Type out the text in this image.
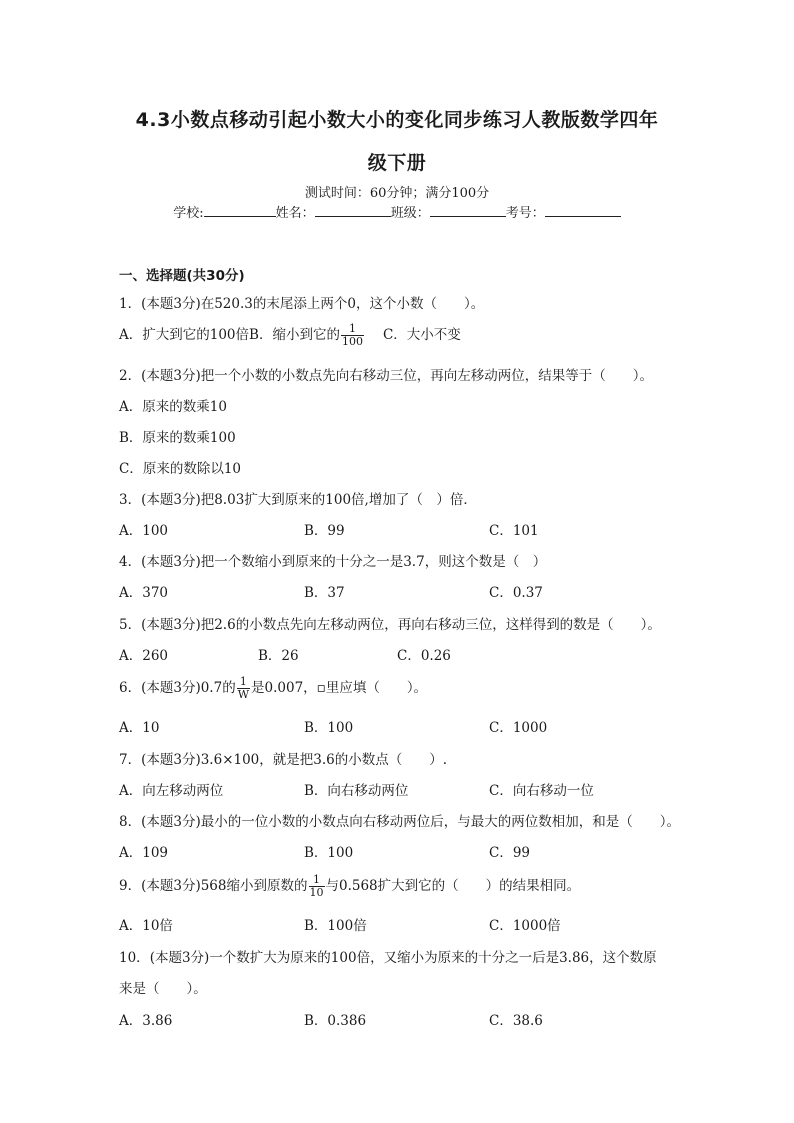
4.3小数点移动引起小数大小的变化同步练习人教版数学四年
级下册
测试时间：60分钟；满分100分
学校:	姓名：	班级：	考号：
一、选择题(共30分)
1．(本题3分)在520.3的末尾添上两个0，这个小数（　　）。
A．扩大到它的100倍B．缩小到它的 $\frac{1}{100}$ C．大小不变
2．(本题3分)把一个小数的小数点先向右移动三位，再向左移动两位，结果等于（　　）。
A．原来的数乘10
B．原来的数乘100
C．原来的数除以10
3．(本题3分)把8.03扩大到原来的100倍,增加了（　）倍．
A．100	B．99	C．101
4．(本题3分)把一个数缩小到原来的十分之一是3.7，则这个数是（　）
A．370	B．37	C．0.37
5．(本题3分)把2.6的小数点先向左移动两位，再向右移动三位，这样得到的数是（　　）。
A．260	B．26	C．0.26
6．(本题3分)0.7的 $\frac{1}{W}$ 是0.007，▫里应填（　　）。
A．10	B．100	C．1000
7．(本题3分)3.6×100，就是把3.6的小数点（　　）.
A．向左移动两位	B．向右移动两位	C．向右移动一位
8．(本题3分)最小的一位小数的小数点向右移动两位后，与最大的两位数相加，和是（　　）。
A．109	B．100	C．99
9．(本题3分)568缩小到原数的 $\frac{1}{10}$ 与0.568扩大到它的（　　）的结果相同。
A．10倍	B．100倍	C．1000倍
10．(本题3分)一个数扩大为原来的100倍，又缩小为原来的十分之一后是3.86，这个数原
来是（　　）。
A．3.86	B．0.386	C．38.6
